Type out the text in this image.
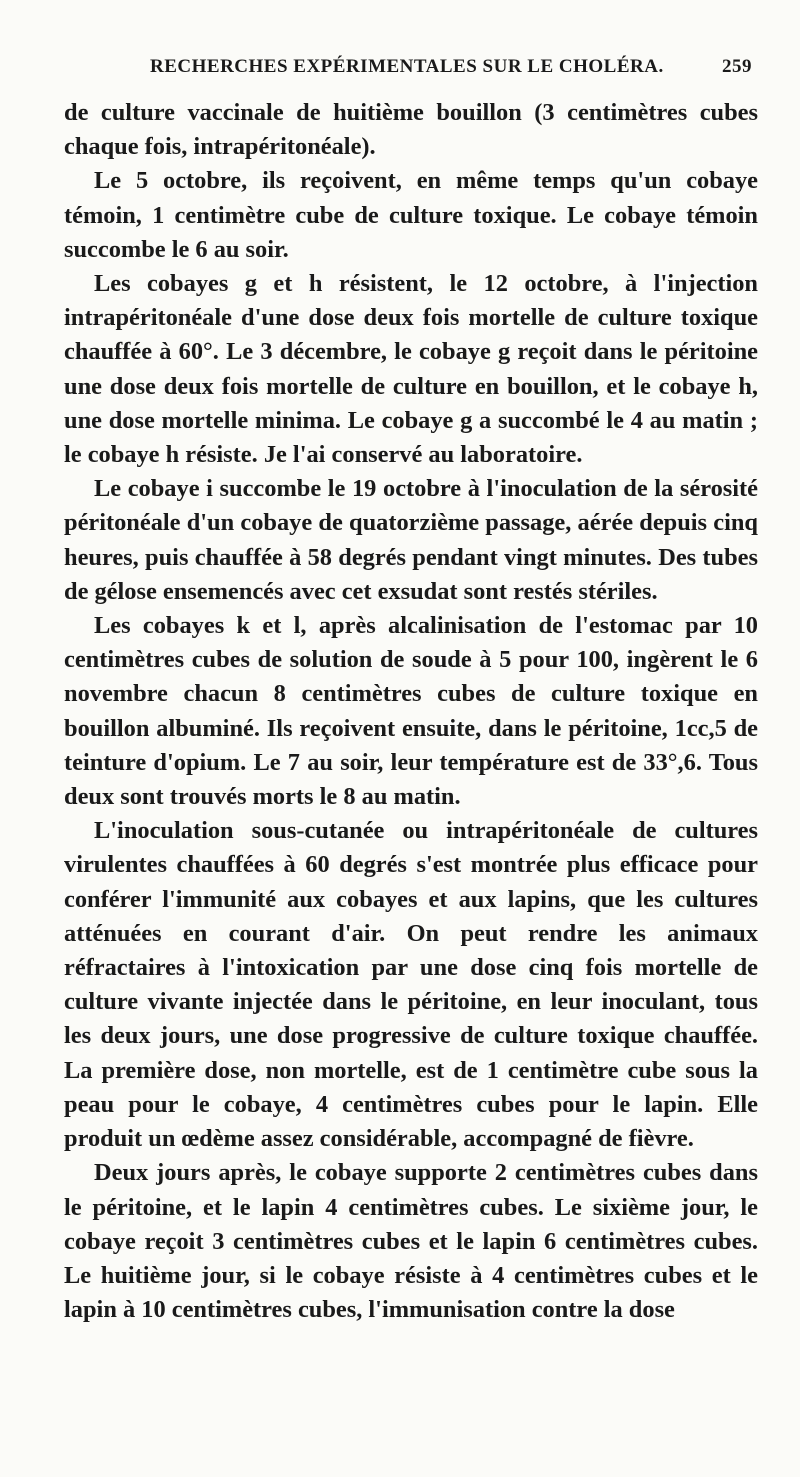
RECHERCHES EXPÉRIMENTALES SUR LE CHOLÉRA.	259

de culture vaccinale de huitième bouillon (3 centimètres cubes chaque fois, intrapéritonéale).

Le 5 octobre, ils reçoivent, en même temps qu'un cobaye témoin, 1 centimètre cube de culture toxique. Le cobaye témoin succombe le 6 au soir.

Les cobayes g et h résistent, le 12 octobre, à l'injection intrapéritonéale d'une dose deux fois mortelle de culture toxique chauffée à 60°. Le 3 décembre, le cobaye g reçoit dans le péritoine une dose deux fois mortelle de culture en bouillon, et le cobaye h, une dose mortelle minima. Le cobaye g a succombé le 4 au matin ; le cobaye h résiste. Je l'ai conservé au laboratoire.

Le cobaye i succombe le 19 octobre à l'inoculation de la sérosité péritonéale d'un cobaye de quatorzième passage, aérée depuis cinq heures, puis chauffée à 58 degrés pendant vingt minutes. Des tubes de gélose ensemencés avec cet exsudat sont restés stériles.

Les cobayes k et l, après alcalinisation de l'estomac par 10 centimètres cubes de solution de soude à 5 pour 100, ingèrent le 6 novembre chacun 8 centimètres cubes de culture toxique en bouillon albuminé. Ils reçoivent ensuite, dans le péritoine, 1cc,5 de teinture d'opium. Le 7 au soir, leur température est de 33°,6. Tous deux sont trouvés morts le 8 au matin.

L'inoculation sous-cutanée ou intrapéritonéale de cultures virulentes chauffées à 60 degrés s'est montrée plus efficace pour conférer l'immunité aux cobayes et aux lapins, que les cultures atténuées en courant d'air. On peut rendre les animaux réfractaires à l'intoxication par une dose cinq fois mortelle de culture vivante injectée dans le péritoine, en leur inoculant, tous les deux jours, une dose progressive de culture toxique chauffée. La première dose, non mortelle, est de 1 centimètre cube sous la peau pour le cobaye, 4 centimètres cubes pour le lapin. Elle produit un œdème assez considérable, accompagné de fièvre.

Deux jours après, le cobaye supporte 2 centimètres cubes dans le péritoine, et le lapin 4 centimètres cubes. Le sixième jour, le cobaye reçoit 3 centimètres cubes et le lapin 6 centimètres cubes. Le huitième jour, si le cobaye résiste à 4 centimètres cubes et le lapin à 10 centimètres cubes, l'immunisation contre la dose
